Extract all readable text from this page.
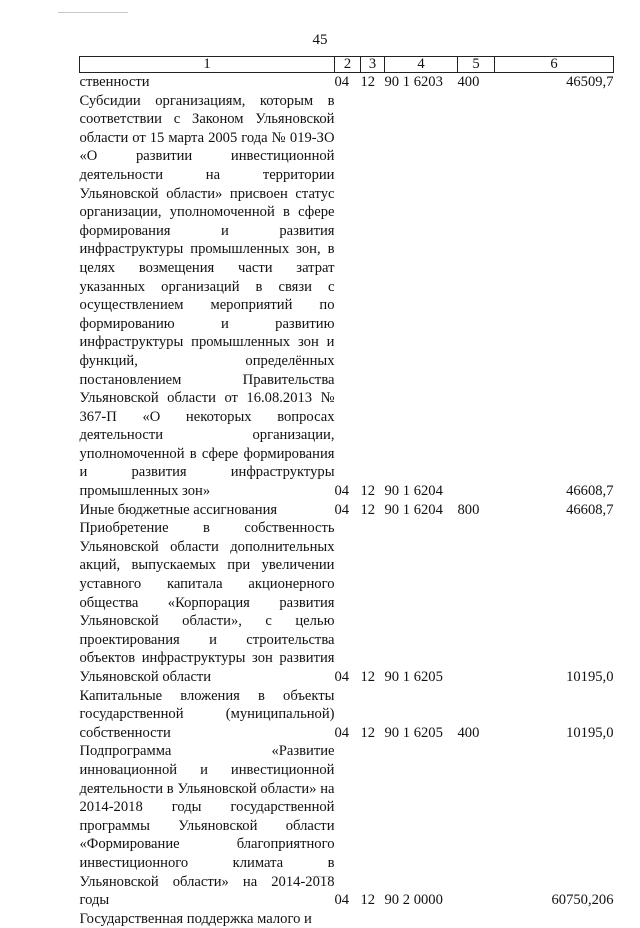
45
1	2	3	4	5	6
ственности	04	12	90 1 6203	400	46509,7
Субсидии организациям, которым в соответствии с Законом Ульяновской области от 15 марта 2005 года № 019-ЗО «О развитии инвестиционной деятельности на территории Ульяновской области» присвоен статус организации, уполномоченной в сфере формирования и развития инфраструктуры промышленных зон, в целях возмещения части затрат указанных организаций в связи с осуществлением мероприятий по формированию и развитию инфраструктуры промышленных зон и функций, определённых постановлением Правительства Ульяновской области от 16.08.2013 № 367-П «О некоторых вопросах деятельности организации, уполномоченной в сфере формирования и развития инфраструктуры промышленных зон»	04	12	90 1 6204		46608,7
Иные бюджетные ассигнования	04	12	90 1 6204	800	46608,7
Приобретение в собственность Ульяновской области дополнительных акций, выпускаемых при увеличении уставного капитала акционерного общества «Корпорация развития Ульяновской области», с целью проектирования и строительства объектов инфраструктуры зон развития Ульяновской области	04	12	90 1 6205		10195,0
Капитальные вложения в объекты государственной (муниципальной) собственности	04	12	90 1 6205	400	10195,0
Подпрограмма «Развитие инновационной и инвестиционной деятельности в Ульяновской области» на 2014-2018 годы государственной программы Ульяновской области «Формирование благоприятного инвестиционного климата в Ульяновской области» на 2014-2018 годы	04	12	90 2 0000		60750,206
Государственная поддержка малого и					
